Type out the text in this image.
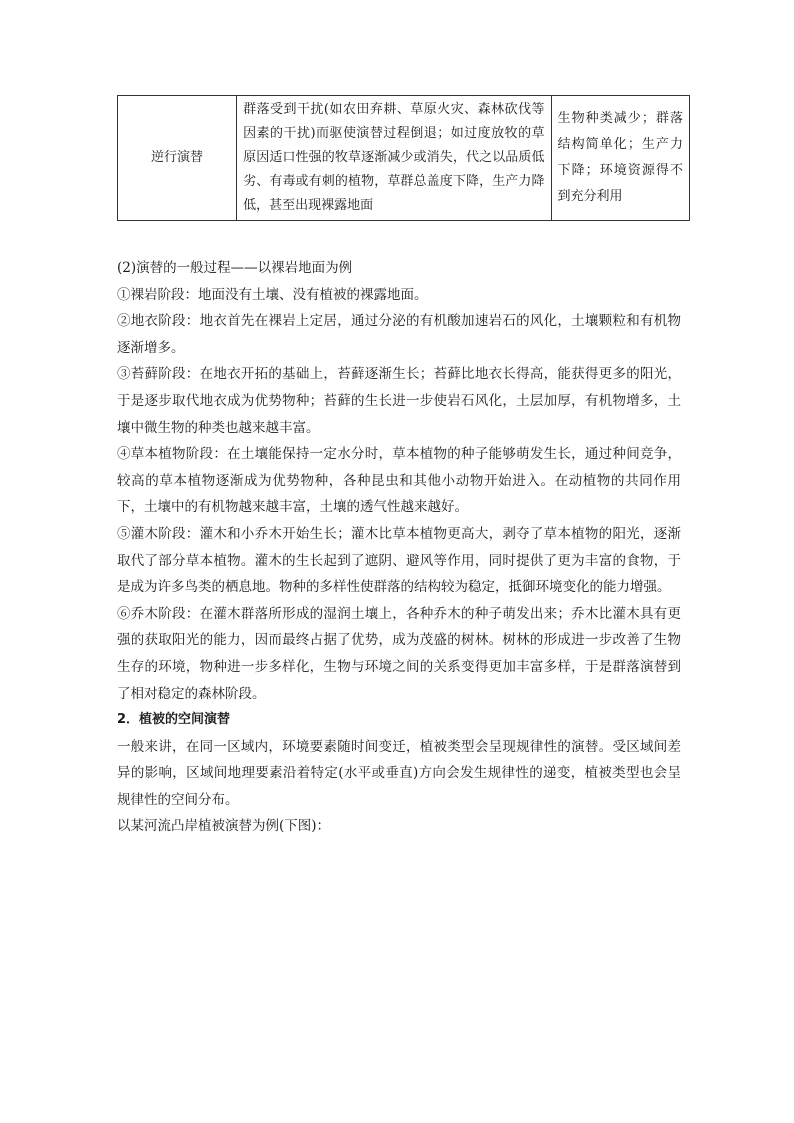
逆行演替	群落受到干扰(如农田弃耕、草原火灾、森林砍伐等因素的干扰)而驱使演替过程倒退；如过度放牧的草原因适口性强的牧草逐渐减少或消失，代之以品质低劣、有毒或有刺的植物，草群总盖度下降，生产力降低，甚至出现裸露地面	生物种类减少；群落结构简单化；生产力下降；环境资源得不到充分利用

(2)演替的一般过程——以裸岩地面为例

①裸岩阶段：地面没有土壤、没有植被的裸露地面。

②地衣阶段：地衣首先在裸岩上定居，通过分泌的有机酸加速岩石的风化，土壤颗粒和有机物逐渐增多。

③苔藓阶段：在地衣开拓的基础上，苔藓逐渐生长；苔藓比地衣长得高，能获得更多的阳光，于是逐步取代地衣成为优势物种；苔藓的生长进一步使岩石风化，土层加厚，有机物增多，土壤中微生物的种类也越来越丰富。

④草本植物阶段：在土壤能保持一定水分时，草本植物的种子能够萌发生长，通过种间竞争，较高的草本植物逐渐成为优势物种，各种昆虫和其他小动物开始进入。在动植物的共同作用下，土壤中的有机物越来越丰富，土壤的透气性越来越好。

⑤灌木阶段：灌木和小乔木开始生长；灌木比草本植物更高大，剥夺了草本植物的阳光，逐渐取代了部分草本植物。灌木的生长起到了遮阴、避风等作用，同时提供了更为丰富的食物，于是成为许多鸟类的栖息地。物种的多样性使群落的结构较为稳定，抵御环境变化的能力增强。

⑥乔木阶段：在灌木群落所形成的湿润土壤上，各种乔木的种子萌发出来；乔木比灌木具有更强的获取阳光的能力，因而最终占据了优势，成为茂盛的树林。树林的形成进一步改善了生物生存的环境，物种进一步多样化，生物与环境之间的关系变得更加丰富多样，于是群落演替到了相对稳定的森林阶段。

2．植被的空间演替

一般来讲，在同一区域内，环境要素随时间变迁，植被类型会呈现规律性的演替。受区域间差异的影响，区域间地理要素沿着特定(水平或垂直)方向会发生规律性的递变，植被类型也会呈规律性的空间分布。

以某河流凸岸植被演替为例(下图)：
